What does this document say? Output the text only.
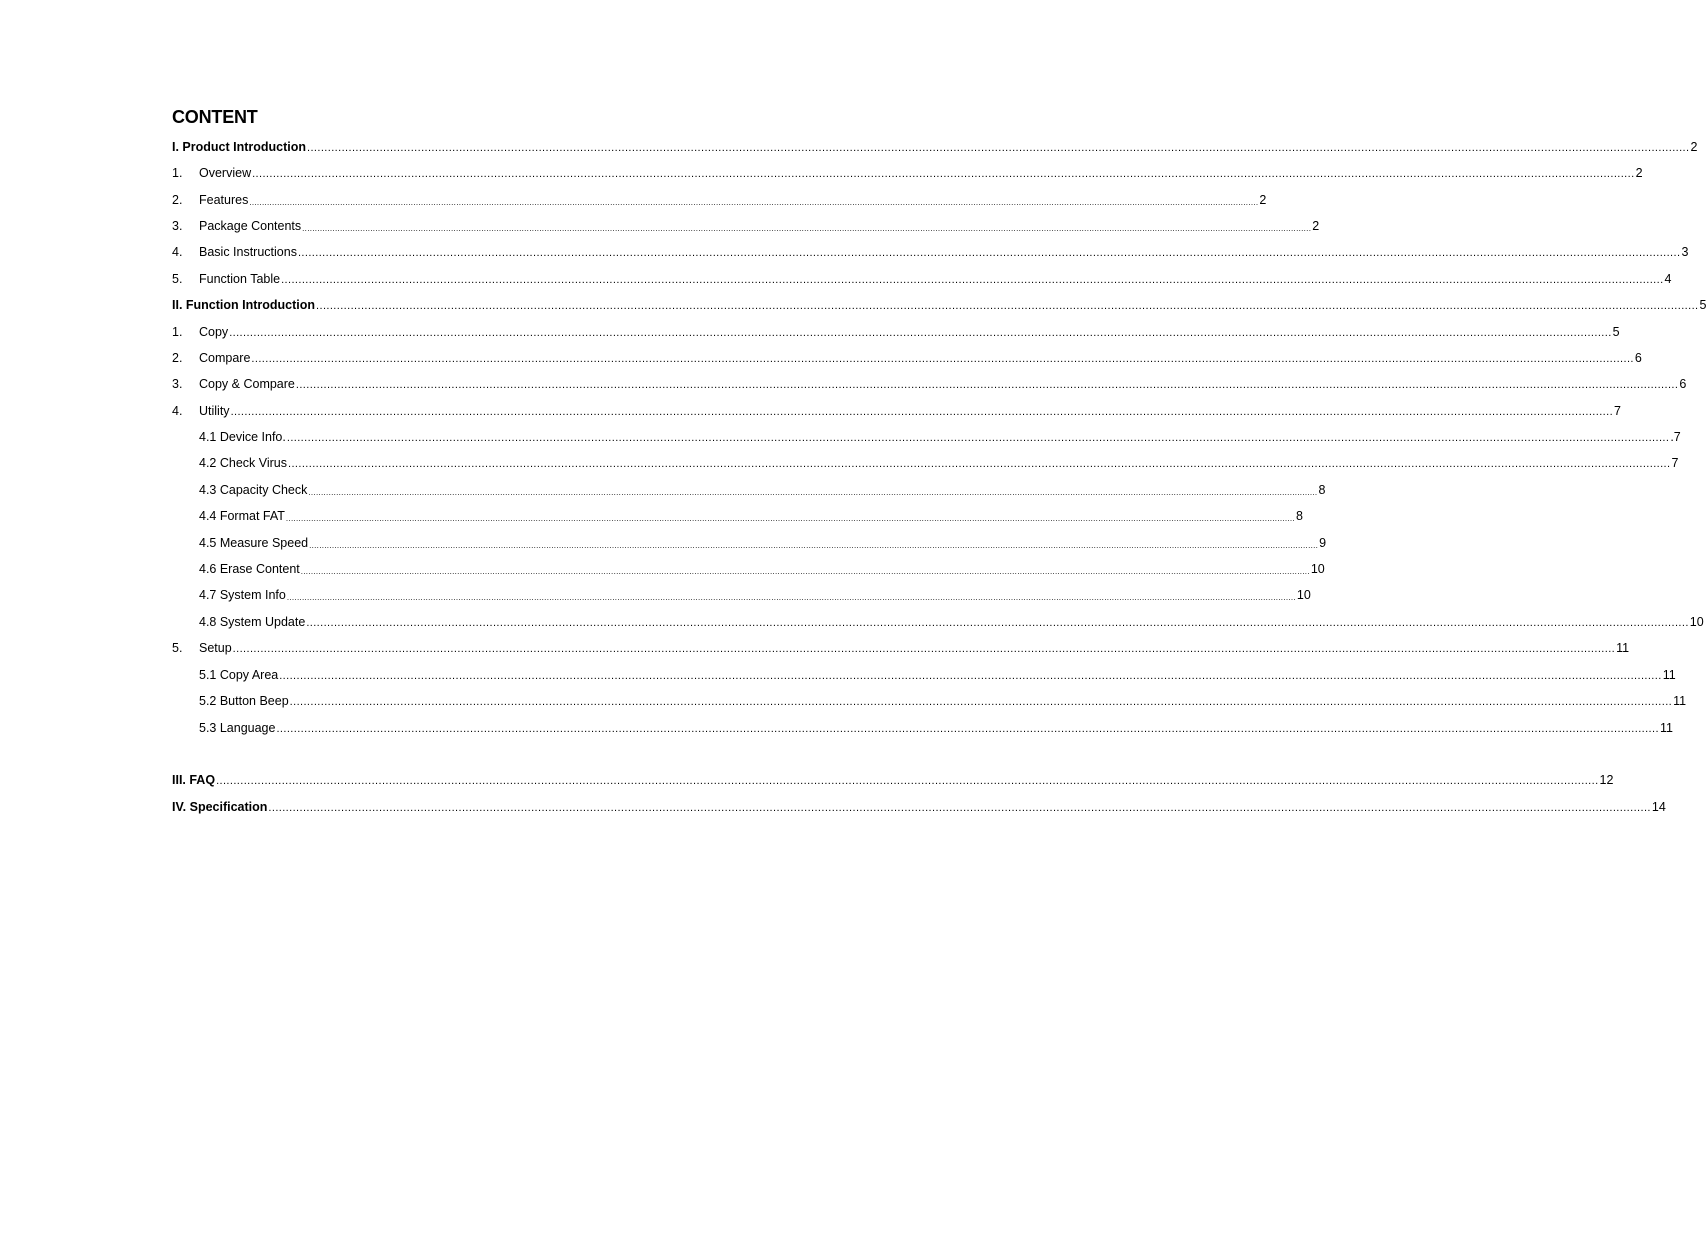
CONTENT
I. Product Introduction ................................................................................................................................................................................................................................................................................................................................................................................................................ 2
1.	Overview ................................................................................................................................................................................................................................................................................................................................................................................................................ 2
2.	Features ................................................................................................................................................................................................................................................................................................................................................................................................................ 2
3.	Package Contents ................................................................................................................................................................................................................................................................................................................................................................................................................ 2
4.	Basic Instructions ................................................................................................................................................................................................................................................................................................................................................................................................................ 3
5.	Function Table ................................................................................................................................................................................................................................................................................................................................................................................................................ 4
II. Function Introduction ................................................................................................................................................................................................................................................................................................................................................................................................................ 5
1.	Copy ................................................................................................................................................................................................................................................................................................................................................................................................................ 5
2.	Compare ................................................................................................................................................................................................................................................................................................................................................................................................................ 6
3.	Copy & Compare ................................................................................................................................................................................................................................................................................................................................................................................................................ 6
4.	Utility ................................................................................................................................................................................................................................................................................................................................................................................................................ 7
4.1 Device Info. ................................................................................................................................................................................................................................................................................................................................................................................................................ .7
4.2 Check Virus ................................................................................................................................................................................................................................................................................................................................................................................................................ 7
4.3 Capacity Check ................................................................................................................................................................................................................................................................................................................................................................................................................ 8
4.4 Format FAT ................................................................................................................................................................................................................................................................................................................................................................................................................ 8
4.5 Measure Speed ................................................................................................................................................................................................................................................................................................................................................................................................................ 9
4.6 Erase Content ................................................................................................................................................................................................................................................................................................................................................................................................................ 10
4.7 System Info ................................................................................................................................................................................................................................................................................................................................................................................................................ 10
4.8 System Update ................................................................................................................................................................................................................................................................................................................................................................................................................ 10
5.	Setup ................................................................................................................................................................................................................................................................................................................................................................................................................ 11
5.1 Copy Area ................................................................................................................................................................................................................................................................................................................................................................................................................ 11
5.2 Button Beep ................................................................................................................................................................................................................................................................................................................................................................................................................ 11
5.3 Language ................................................................................................................................................................................................................................................................................................................................................................................................................ 11
III. FAQ ................................................................................................................................................................................................................................................................................................................................................................................................................ 12
IV. Specification ................................................................................................................................................................................................................................................................................................................................................................................................................ 14
